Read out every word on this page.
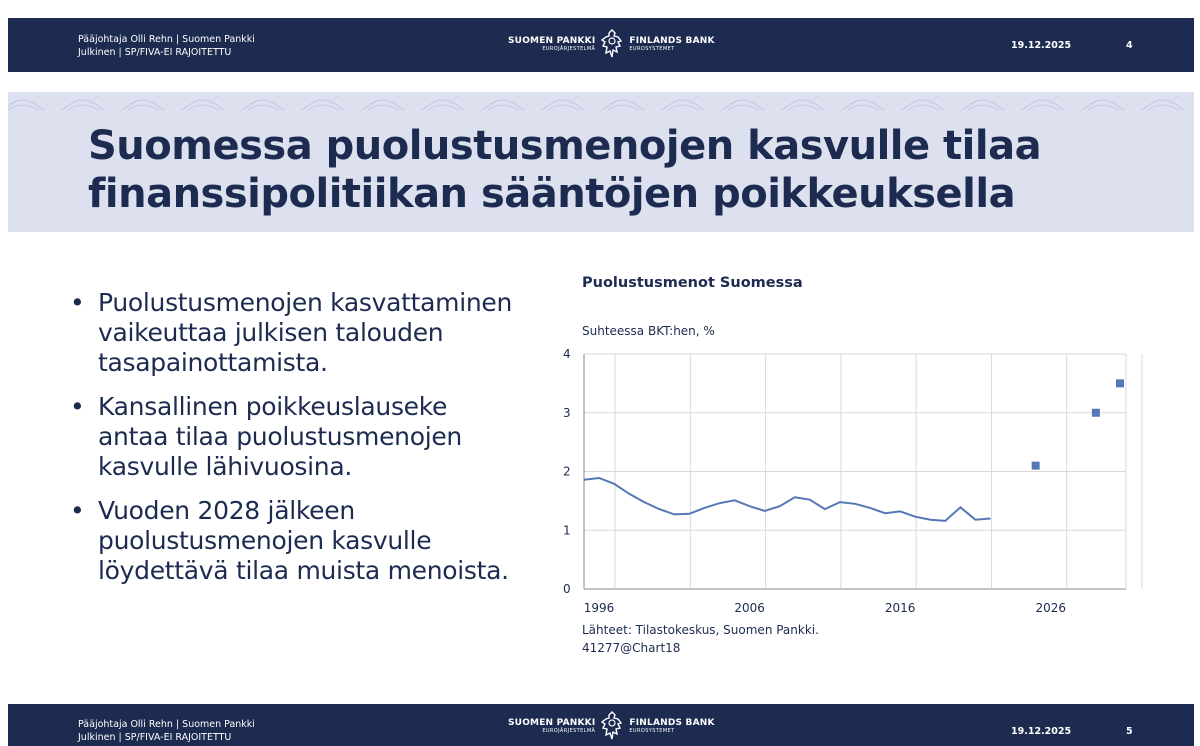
Pääjohtaja Olli Rehn | Suomen Pankki
Julkinen | SP/FIVA-EI RAJOITETTU
SUOMEN PANKKI
EUROJÄRJESTELMÄ
FINLANDS BANK
EUROSYSTEMET	19.12.2025	4
Suomessa puolustusmenojen kasvulle tilaa finanssipolitiikan sääntöjen poikkeuksella
• Puolustusmenojen kasvattaminen vaikeuttaa julkisen talouden tasapainottamista.
• Kansallinen poikkeuslauseke antaa tilaa puolustusmenojen kasvulle lähivuosina.
• Vuoden 2028 jälkeen puolustusmenojen kasvulle löydettävä tilaa muista menoista.
Puolustusmenot Suomessa
Suhteessa BKT:hen, %
0
1
2
3
4
1996	2006	2016	2026
Lähteet: Tilastokeskus, Suomen Pankki.
41277@Chart18
Pääjohtaja Olli Rehn | Suomen Pankki
Julkinen | SP/FIVA-EI RAJOITETTU
SUOMEN PANKKI
EUROJÄRJESTELMÄ
FINLANDS BANK
EUROSYSTEMET	19.12.2025	5
